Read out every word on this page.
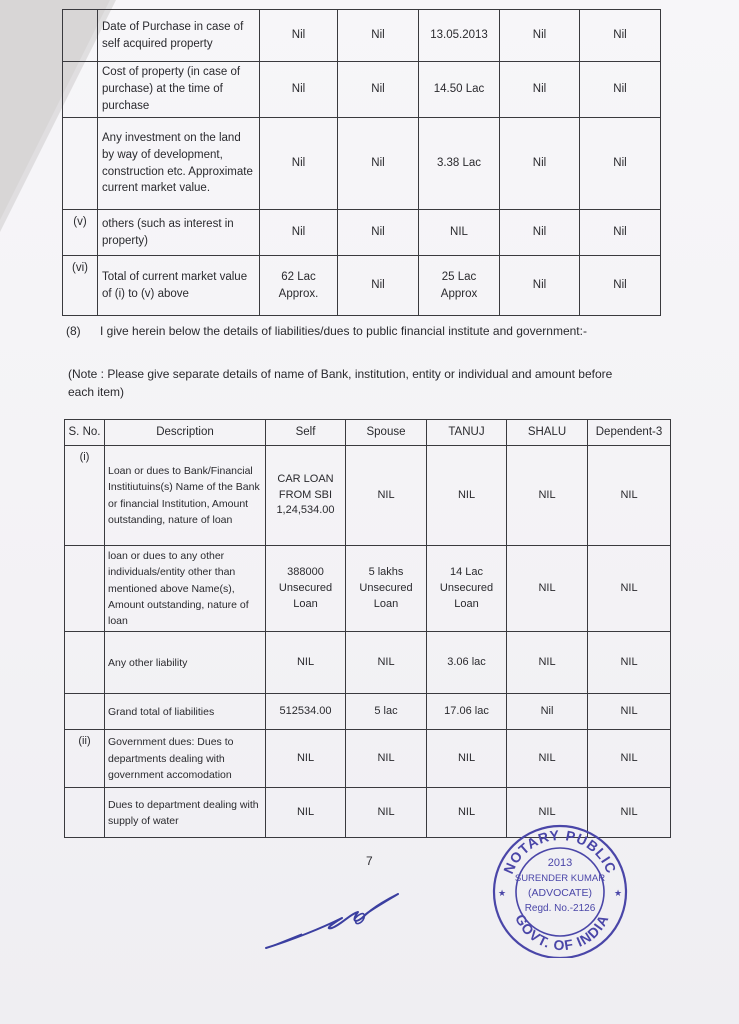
	Date of Purchase in case of self acquired property	Nil	Nil	13.05.2013	Nil	Nil
	Cost of property (in case of purchase) at the time of purchase	Nil	Nil	14.50 Lac	Nil	Nil
	Any investment on the land by way of development, construction etc. Approximate current market value.	Nil	Nil	3.38 Lac	Nil	Nil
(v)	others (such as interest in property)	Nil	Nil	NIL	Nil	Nil
(vi)	Total of current market value of (i) to (v) above	62 Lac Approx.	Nil	25 Lac Approx	Nil	Nil
(8) I give herein below the details of liabilities/dues to public financial institute and government:-
(Note : Please give separate details of name of Bank, institution, entity or individual and amount before each item)
S. No.	Description	Self	Spouse	TANUJ	SHALU	Dependent-3
(i)	Loan or dues to Bank/Financial Institiutuins(s) Name of the Bank or financial Institution, Amount outstanding, nature of loan	CAR LOAN FROM SBI 1,24,534.00	NIL	NIL	NIL	NIL
	loan or dues to any other individuals/entity other than mentioned above Name(s), Amount outstanding, nature of loan	388000 Unsecured Loan	5 lakhs Unsecured Loan	14 Lac Unsecured Loan	NIL	NIL
	Any other liability	NIL	NIL	3.06 lac	NIL	NIL
	Grand total of liabilities	512534.00	5 lac	17.06 lac	Nil	NIL
(ii)	Government dues: Dues to departments dealing with government accomodation	NIL	NIL	NIL	NIL	NIL
	Dues to department dealing with supply of water	NIL	NIL	NIL	NIL	NIL
7	NOTARY PUBLIC
GOVT. OF INDIA
2013
SURENDER KUMAR
(ADVOCATE)
Regd. No.-2126
★	★
